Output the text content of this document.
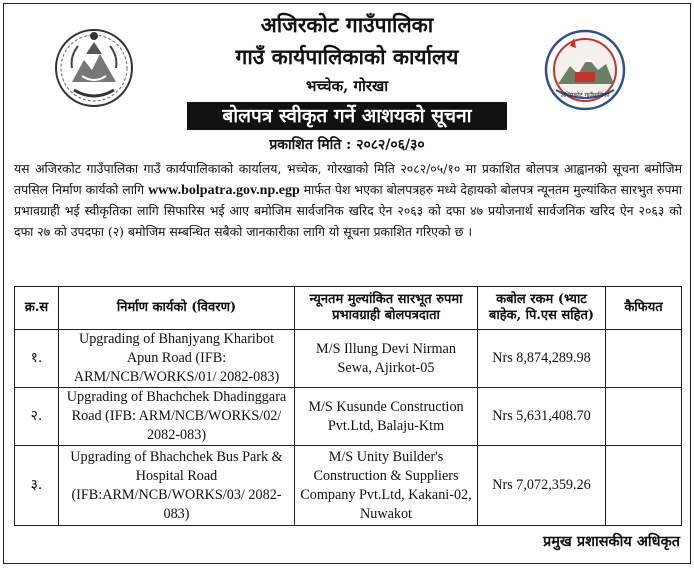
अजिरकोट गाउँपालिका
अजिरकोट गाउँपालिका
गाउँ कार्यपालिकाको कार्यालय
भच्चेक, गोरखा
बोलपत्र स्वीकृत गर्ने आशयको सूचना
प्रकाशित मिति : २०८२/०६/३०

यस अजिरकोट गाउँपालिका गाउँ कार्यपालिकाको कार्यालय, भच्चेक, गोरखाको मिति २०८२/०५/१० मा प्रकाशित बोलपत्र आह्वानको सूचना बमोजिम तपसिल निर्माण कार्यको लागि www.bolpatra.gov.np.egp मार्फत पेश भएका बोलपत्रहरु मध्ये देहायको बोलपत्र न्यूनतम मुल्यांकित सारभुत रुपमा प्रभावग्राही भई स्वीकृतिका लागि सिफारिस भई आए बमोजिम सार्वजनिक खरिद ऐन २०६३ को दफा ४७ प्रयोजनार्थ सार्वजनिक खरिद ऐन २०६३ को दफा २७ को उपदफा (२) बमोजिम सम्बन्धित सबैको जानकारीका लागि यो सूचना प्रकाशित गरिएको छ ।

क्र.स	निर्माण कार्यको (विवरण)	न्यूनतम मुल्यांकित सारभूत रुपमा प्रभावग्राही बोलपत्रदाता	कबोल रकम (भ्याट बाहेक, पि.एस सहित)	कैफियत
१.	Upgrading of Bhanjyang Kharibot Apun Road (IFB: ARM/NCB/WORKS/01/ 2082-083)	M/S Illung Devi Nirman Sewa, Ajirkot-05	Nrs 8,874,289.98	
२.	Upgrading of Bhachchek Dhadinggara Road (IFB: ARM/NCB/WORKS/02/ 2082-083)	M/S Kusunde Construction Pvt.Ltd, Balaju-Ktm	Nrs 5,631,408.70	
३.	Upgrading of Bhachchek Bus Park & Hospital Road (IFB:ARM/NCB/WORKS/03/ 2082-083)	M/S Unity Builder's Construction & Suppliers Company Pvt.Ltd, Kakani-02, Nuwakot	Nrs 7,072,359.26	
प्रमुख प्रशासकीय अधिकृत
